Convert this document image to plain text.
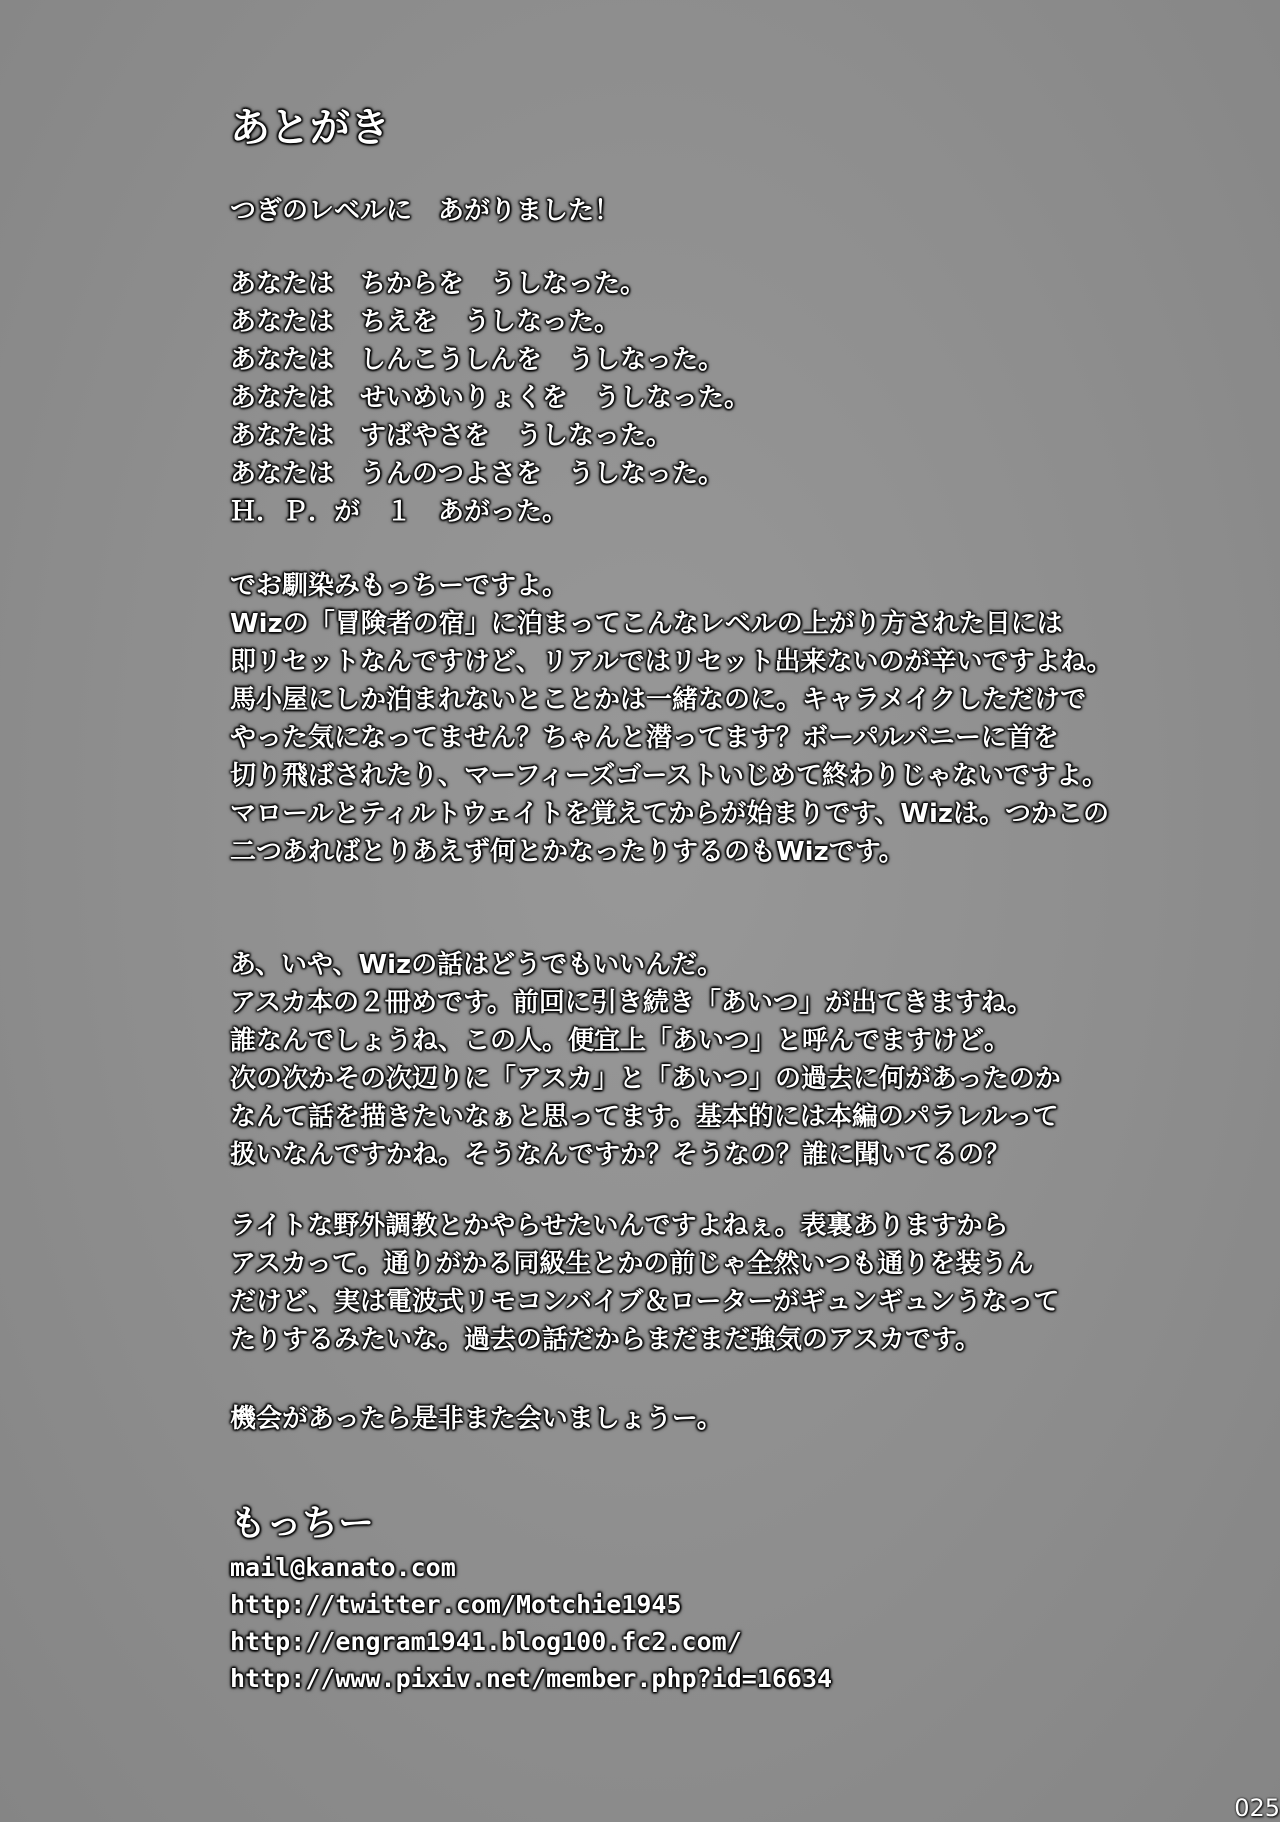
あとがき
つぎのレベルに　あがりました！
あなたは　ちからを　うしなった。
あなたは　ちえを　うしなった。
あなたは　しんこうしんを　うしなった。
あなたは　せいめいりょくを　うしなった。
あなたは　すばやさを　うしなった。
あなたは　うんのつよさを　うしなった。
Ｈ．Ｐ．が　１　あがった。
でお馴染みもっちーですよ。
Wizの「冒険者の宿」に泊まってこんなレベルの上がり方された日には
即リセットなんですけど、リアルではリセット出来ないのが辛いですよね。
馬小屋にしか泊まれないとことかは一緒なのに。キャラメイクしただけで
やった気になってません？ちゃんと潜ってます？ボーパルバニーに首を
切り飛ばされたり、マーフィーズゴーストいじめて終わりじゃないですよ。
マロールとティルトウェイトを覚えてからが始まりです、Wizは。つかこの
二つあればとりあえず何とかなったりするのもWizです。
あ、いや、Wizの話はどうでもいいんだ。
アスカ本の２冊めです。前回に引き続き「あいつ」が出てきますね。
誰なんでしょうね、この人。便宜上「あいつ」と呼んでますけど。
次の次かその次辺りに「アスカ」と「あいつ」の過去に何があったのか
なんて話を描きたいなぁと思ってます。基本的には本編のパラレルって
扱いなんですかね。そうなんですか？そうなの？誰に聞いてるの？
ライトな野外調教とかやらせたいんですよねぇ。表裏ありますから
アスカって。通りがかる同級生とかの前じゃ全然いつも通りを装うん
だけど、実は電波式リモコンバイブ＆ローターがギュンギュンうなって
たりするみたいな。過去の話だからまだまだ強気のアスカです。
機会があったら是非また会いましょうー。
もっちー
mail@kanato.com
http://twitter.com/Motchie1945
http://engram1941.blog100.fc2.com/
http://www.pixiv.net/member.php?id=16634
025
